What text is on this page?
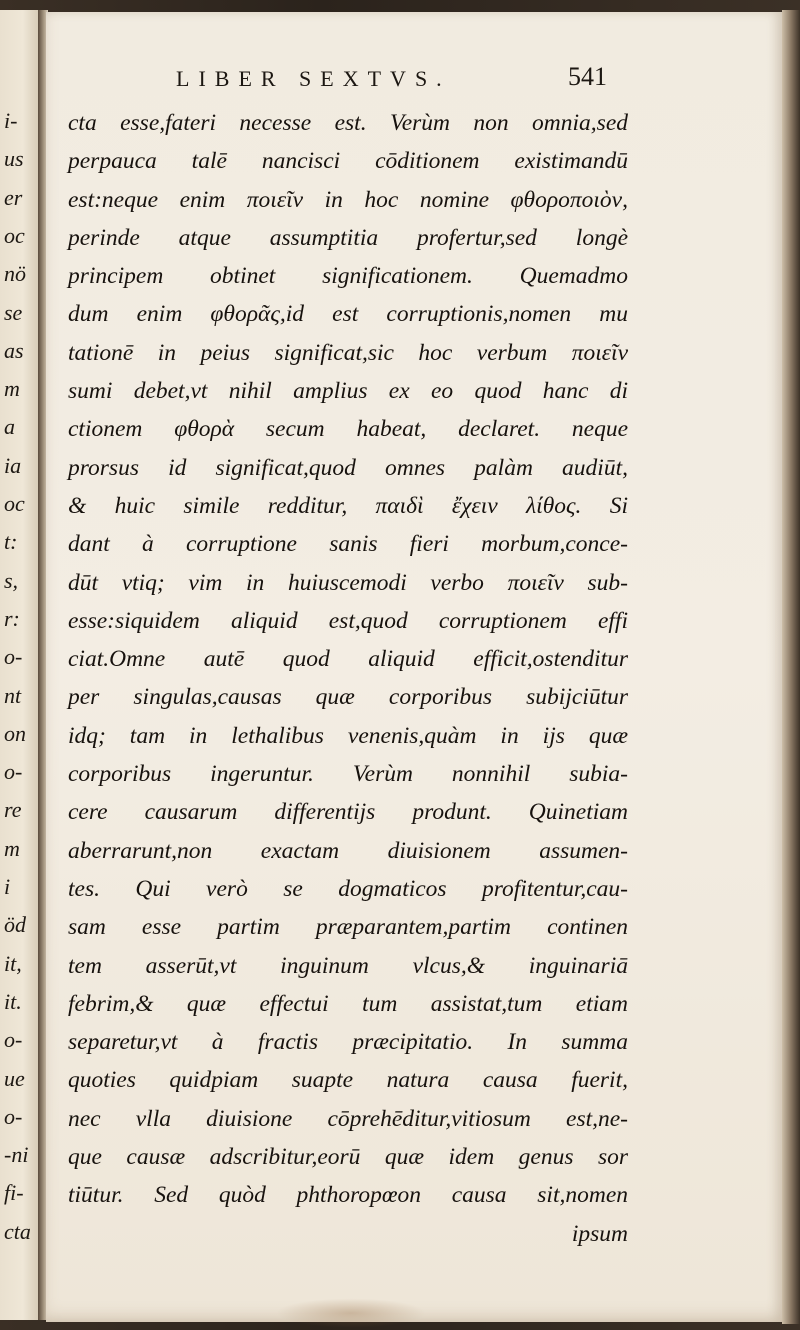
i-
us
er
oc
nö
se
as
m
a
ia
oc
t:
s,
r:
o-
nt
on
o-
re
m
i
öd
it,
it.
o-
ue
o-
-ni
fi-
cta
LIBER SEXTVS.	541
cta esse,fateri necesse est. Verùm non omnia,sed
perpauca talē nancisci cōditionem existimandū
est:neque enim ποιεῖν in hoc nomine φθοροποιὸν,
perinde atque assumptitia profertur,sed longè
principem obtinet significationem. Quemadmo
dum enim φθορᾶς,id est corruptionis,nomen mu
tationē in peius significat,sic hoc verbum ποιεῖν
sumi debet,vt nihil amplius ex eo quod hanc di
ctionem φθορὰ secum habeat, declaret. neque
prorsus id significat,quod omnes palàm audiūt,
& huic simile redditur, παιδὶ ἔχειν λίθος. Si
dant à corruptione sanis fieri morbum,conce-
dūt vtiq; vim in huiuscemodi verbo ποιεῖν sub-
esse:siquidem aliquid est,quod corruptionem effi
ciat.Omne autē quod aliquid efficit,ostenditur
per singulas,causas quæ corporibus subijciūtur
idq; tam in lethalibus venenis,quàm in ijs quæ
corporibus ingeruntur. Verùm nonnihil subia-
cere causarum differentijs produnt. Quinetiam
aberrarunt,non exactam diuisionem assumen-
tes. Qui verò se dogmaticos profitentur,cau-
sam esse partim præparantem,partim continen
tem asserūt,vt inguinum vlcus,& inguinariā
febrim,& quæ effectui tum assistat,tum etiam
separetur,vt à fractis præcipitatio. In summa
quoties quidpiam suapte natura causa fuerit,
nec vlla diuisione cōprehēditur,vitiosum est,ne-
que causæ adscribitur,eorū quæ idem genus sor
tiūtur. Sed quòd phthoropœon causa sit,nomen
ipsum
